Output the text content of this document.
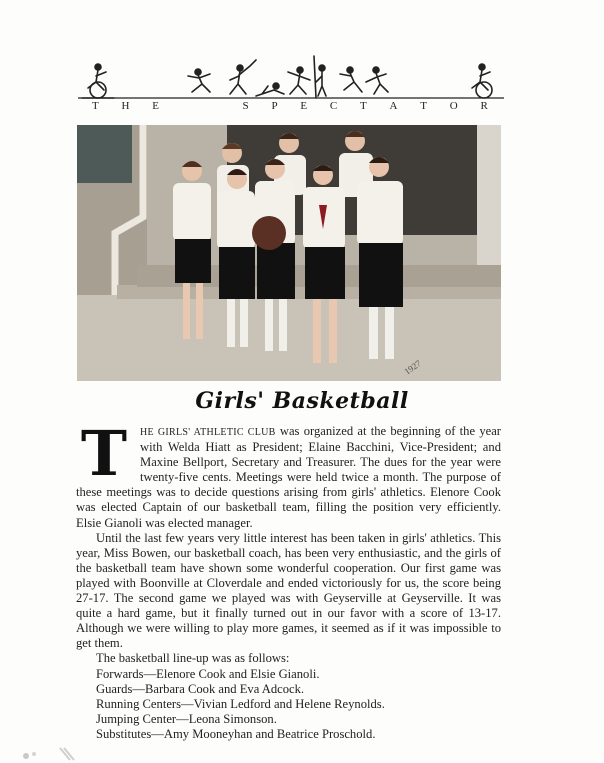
T H E	S P E C T A T O R
1927
Girls' Basketball

T	HE GIRLS' ATHLETIC CLUB was organized at the beginning of the year with Welda Hiatt as President; Elaine Bacchini, Vice-President; and Maxine Bellport, Secretary and Treasurer. The dues for the year were twenty-five cents. Meetings were held twice a month. The purpose of these meetings was to decide questions arising from girls' athletics. Elenore Cook was elected Captain of our basketball team, filling the position very efficiently. Elsie Gianoli was elected manager.

Until the last few years very little interest has been taken in girls' athletics. This year, Miss Bowen, our basketball coach, has been very enthusiastic, and the girls of the basketball team have shown some wonderful cooperation. Our first game was played with Boonville at Cloverdale and ended victoriously for us, the score being 27-17. The second game we played was with Geyserville at Geyserville. It was quite a hard game, but it finally turned out in our favor with a score of 13-17. Although we were willing to play more games, it seemed as if it was impossible to get them.

The basketball line-up was as follows:

Forwards—Elenore Cook and Elsie Gianoli.
Guards—Barbara Cook and Eva Adcock.
Running Centers—Vivian Ledford and Helene Reynolds.
Jumping Center—Leona Simonson.
Substitutes—Amy Mooneyhan and Beatrice Proschold.
